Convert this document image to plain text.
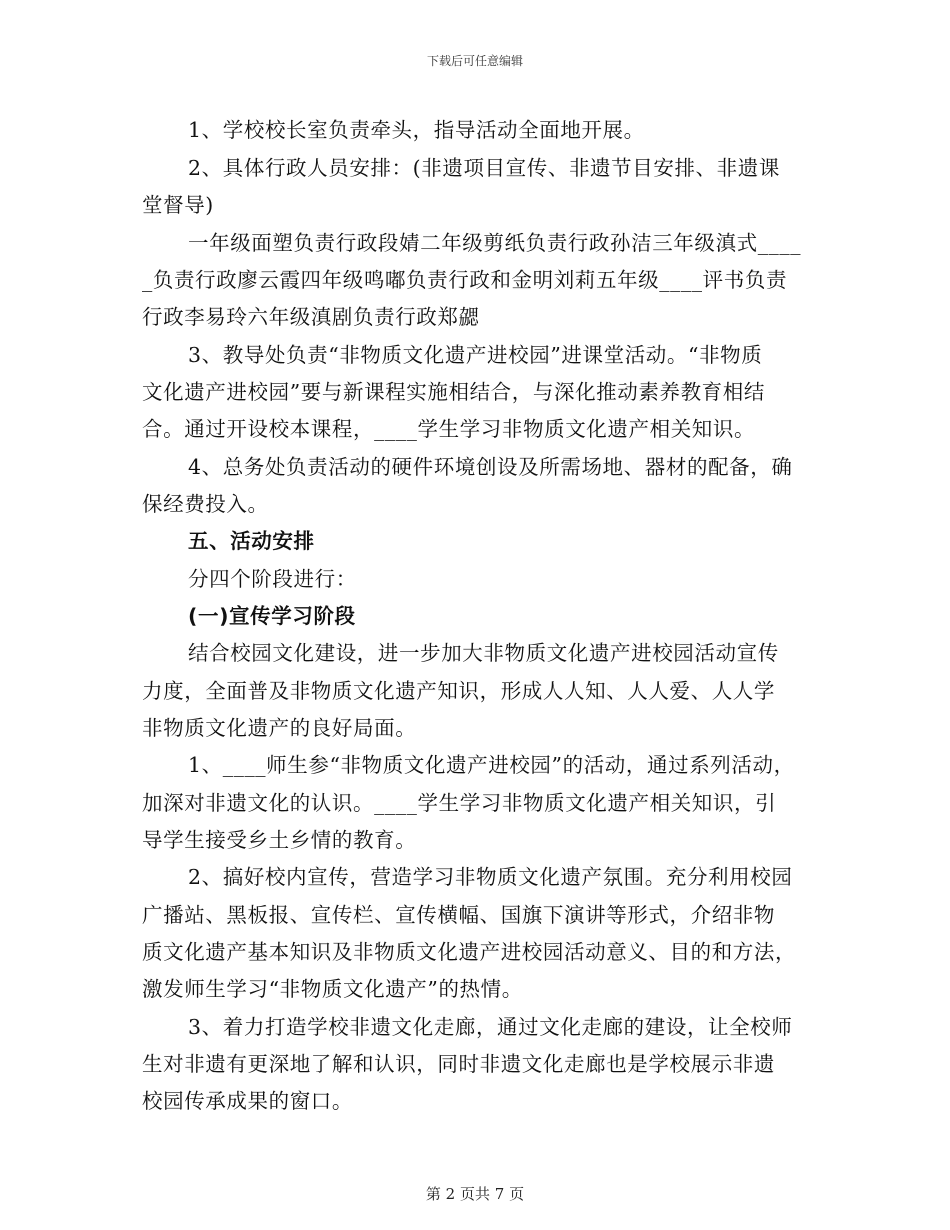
下载后可任意编辑
1、学校校长室负责牵头，指导活动全面地开展。
2、具体行政人员安排：(非遗项目宣传、非遗节目安排、非遗课
堂督导)
一年级面塑负责行政段婧二年级剪纸负责行政孙洁三年级滇式____
_负责行政廖云霞四年级鸣嘟负责行政和金明刘莉五年级____评书负责
行政李易玲六年级滇剧负责行政郑勰
3、教导处负责“非物质文化遗产进校园”进课堂活动。“非物质
文化遗产进校园”要与新课程实施相结合，与深化推动素养教育相结
合。通过开设校本课程，____学生学习非物质文化遗产相关知识。
4、总务处负责活动的硬件环境创设及所需场地、器材的配备，确
保经费投入。
五、活动安排
分四个阶段进行：
(一)宣传学习阶段
结合校园文化建设，进一步加大非物质文化遗产进校园活动宣传
力度，全面普及非物质文化遗产知识，形成人人知、人人爱、人人学
非物质文化遗产的良好局面。
1、____师生参“非物质文化遗产进校园”的活动，通过系列活动，
加深对非遗文化的认识。____学生学习非物质文化遗产相关知识，引
导学生接受乡土乡情的教育。
2、搞好校内宣传，营造学习非物质文化遗产氛围。充分利用校园
广播站、黑板报、宣传栏、宣传横幅、国旗下演讲等形式，介绍非物
质文化遗产基本知识及非物质文化遗产进校园活动意义、目的和方法，
激发师生学习“非物质文化遗产”的热情。
3、着力打造学校非遗文化走廊，通过文化走廊的建设，让全校师
生对非遗有更深地了解和认识，同时非遗文化走廊也是学校展示非遗
校园传承成果的窗口。
第 2 页共 7 页
